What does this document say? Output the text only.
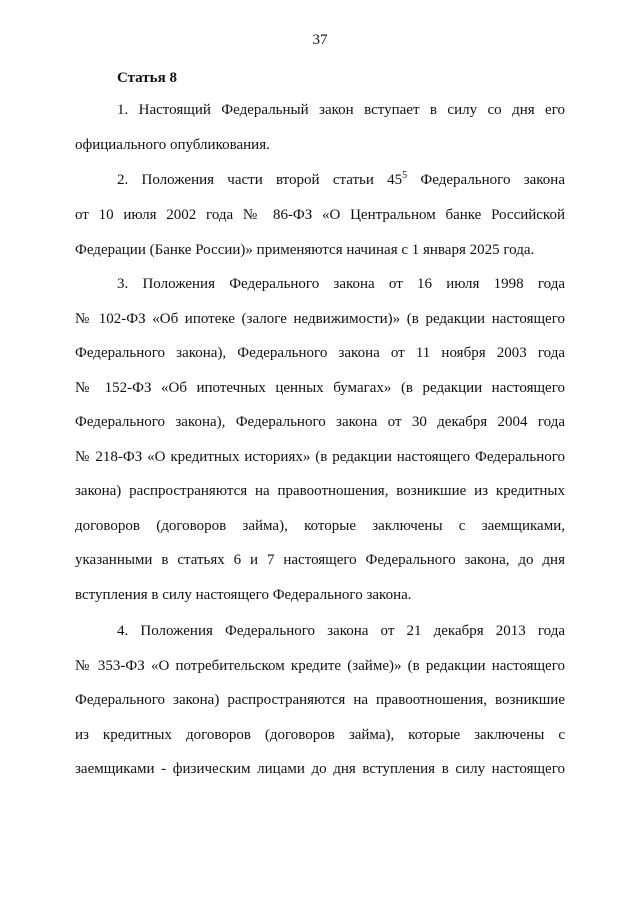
37
Статья 8
1. Настоящий Федеральный закон вступает в силу со дня его
официального опубликования.
2. Положения части второй статьи $45^5$ Федерального закона
от 10 июля 2002 года № 86-ФЗ «О Центральном банке Российской
Федерации (Банке России)» применяются начиная с 1 января 2025 года.
3. Положения Федерального закона от 16 июля 1998 года
№ 102-ФЗ «Об ипотеке (залоге недвижимости)» (в редакции настоящего
Федерального закона), Федерального закона от 11 ноября 2003 года
№ 152-ФЗ «Об ипотечных ценных бумагах» (в редакции настоящего
Федерального закона), Федерального закона от 30 декабря 2004 года
№ 218-ФЗ «О кредитных историях» (в редакции настоящего Федерального
закона) распространяются на правоотношения, возникшие из кредитных
договоров (договоров займа), которые заключены с заемщиками,
указанными в статьях 6 и 7 настоящего Федерального закона, до дня
вступления в силу настоящего Федерального закона.
4. Положения Федерального закона от 21 декабря 2013 года
№ 353-ФЗ «О потребительском кредите (займе)» (в редакции настоящего
Федерального закона) распространяются на правоотношения, возникшие
из кредитных договоров (договоров займа), которые заключены с
заемщиками - физическим лицами до дня вступления в силу настоящего
